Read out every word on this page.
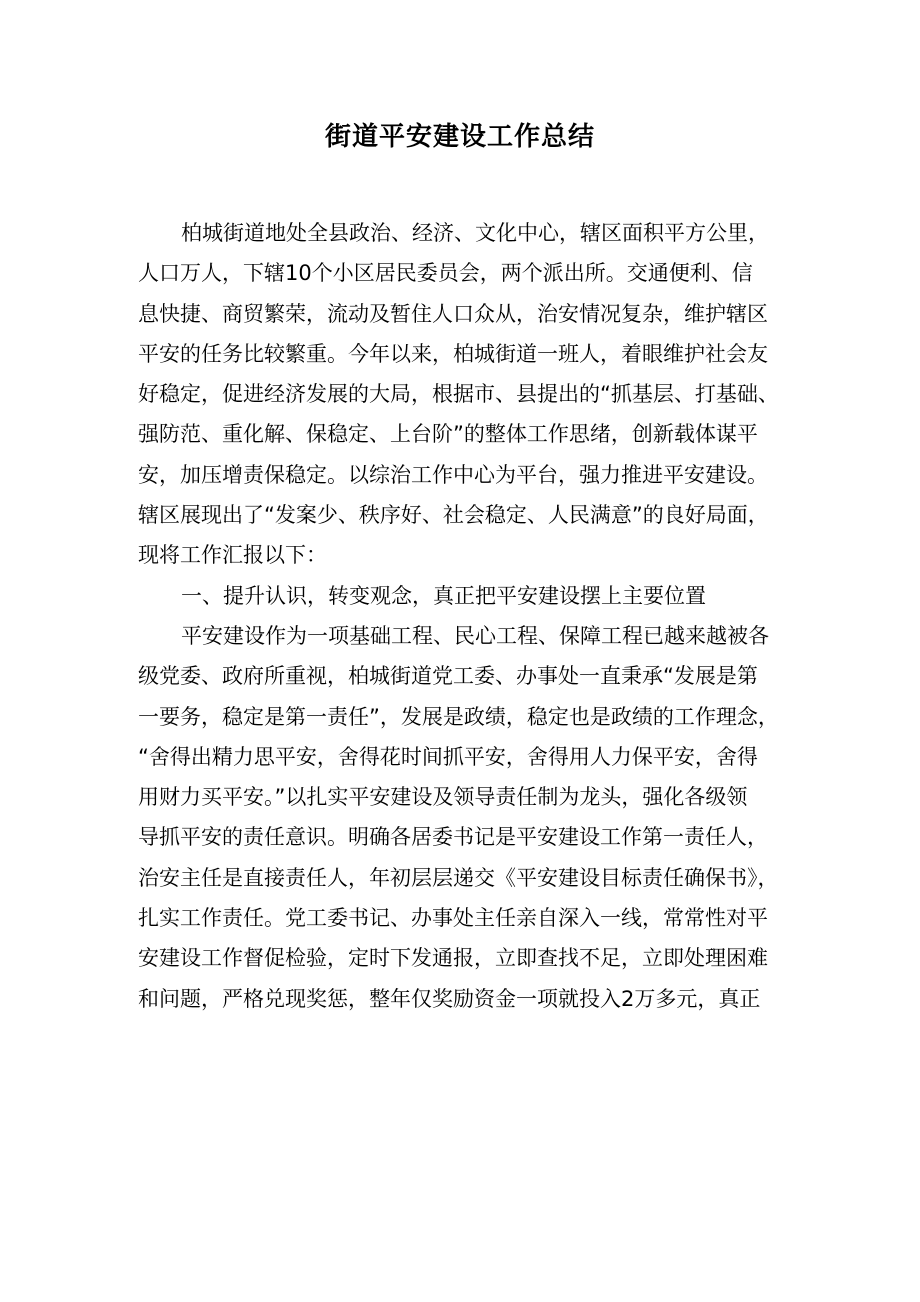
街道平安建设工作总结
柏城街道地处全县政治、经济、文化中心，辖区面积平方公里，
人口万人，下辖10个小区居民委员会，两个派出所。交通便利、信
息快捷、商贸繁荣，流动及暂住人口众从，治安情况复杂，维护辖区
平安的任务比较繁重。今年以来，柏城街道一班人，着眼维护社会友
好稳定，促进经济发展的大局，根据市、县提出的“抓基层、打基础、
强防范、重化解、保稳定、上台阶”的整体工作思绪，创新载体谋平
安，加压增责保稳定。以综治工作中心为平台，强力推进平安建设。
辖区展现出了“发案少、秩序好、社会稳定、人民满意”的良好局面，
现将工作汇报以下：
一、提升认识，转变观念，真正把平安建设摆上主要位置
平安建设作为一项基础工程、民心工程、保障工程已越来越被各
级党委、政府所重视，柏城街道党工委、办事处一直秉承“发展是第
一要务，稳定是第一责任”，发展是政绩，稳定也是政绩的工作理念，
“舍得出精力思平安，舍得花时间抓平安，舍得用人力保平安，舍得
用财力买平安。”以扎实平安建设及领导责任制为龙头，强化各级领
导抓平安的责任意识。明确各居委书记是平安建设工作第一责任人，
治安主任是直接责任人，年初层层递交《平安建设目标责任确保书》，
扎实工作责任。党工委书记、办事处主任亲自深入一线，常常性对平
安建设工作督促检验，定时下发通报，立即查找不足，立即处理困难
和问题，严格兑现奖惩，整年仅奖励资金一项就投入2万多元，真正
